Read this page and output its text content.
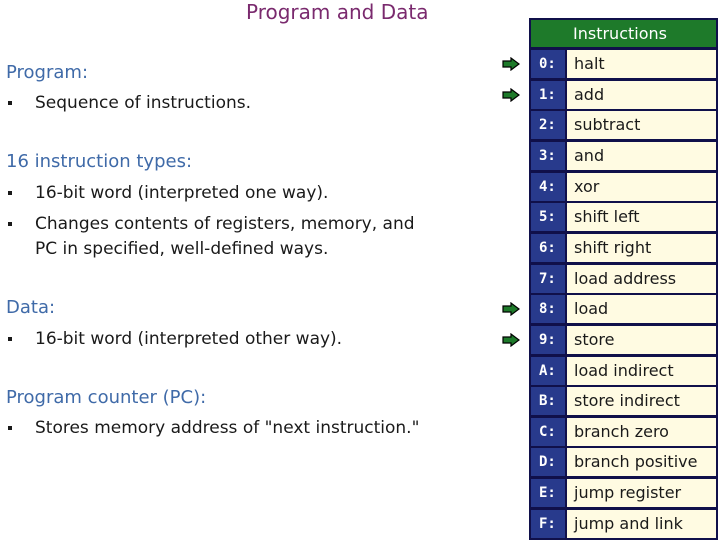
Program and Data
Program:
Sequence of instructions.
16 instruction types:
16-bit word (interpreted one way).
Changes contents of registers, memory, and
PC in specified, well-defined ways.
Data:
16-bit word (interpreted other way).
Program counter (PC):
Stores memory address of "next instruction."
Instructions
0:	halt
1:	add
2:	subtract
3:	and
4:	xor
5:	shift left
6:	shift right
7:	load address
8:	load
9:	store
A:	load indirect
B:	store indirect
C:	branch zero
D:	branch positive
E:	jump register
F:	jump and link
